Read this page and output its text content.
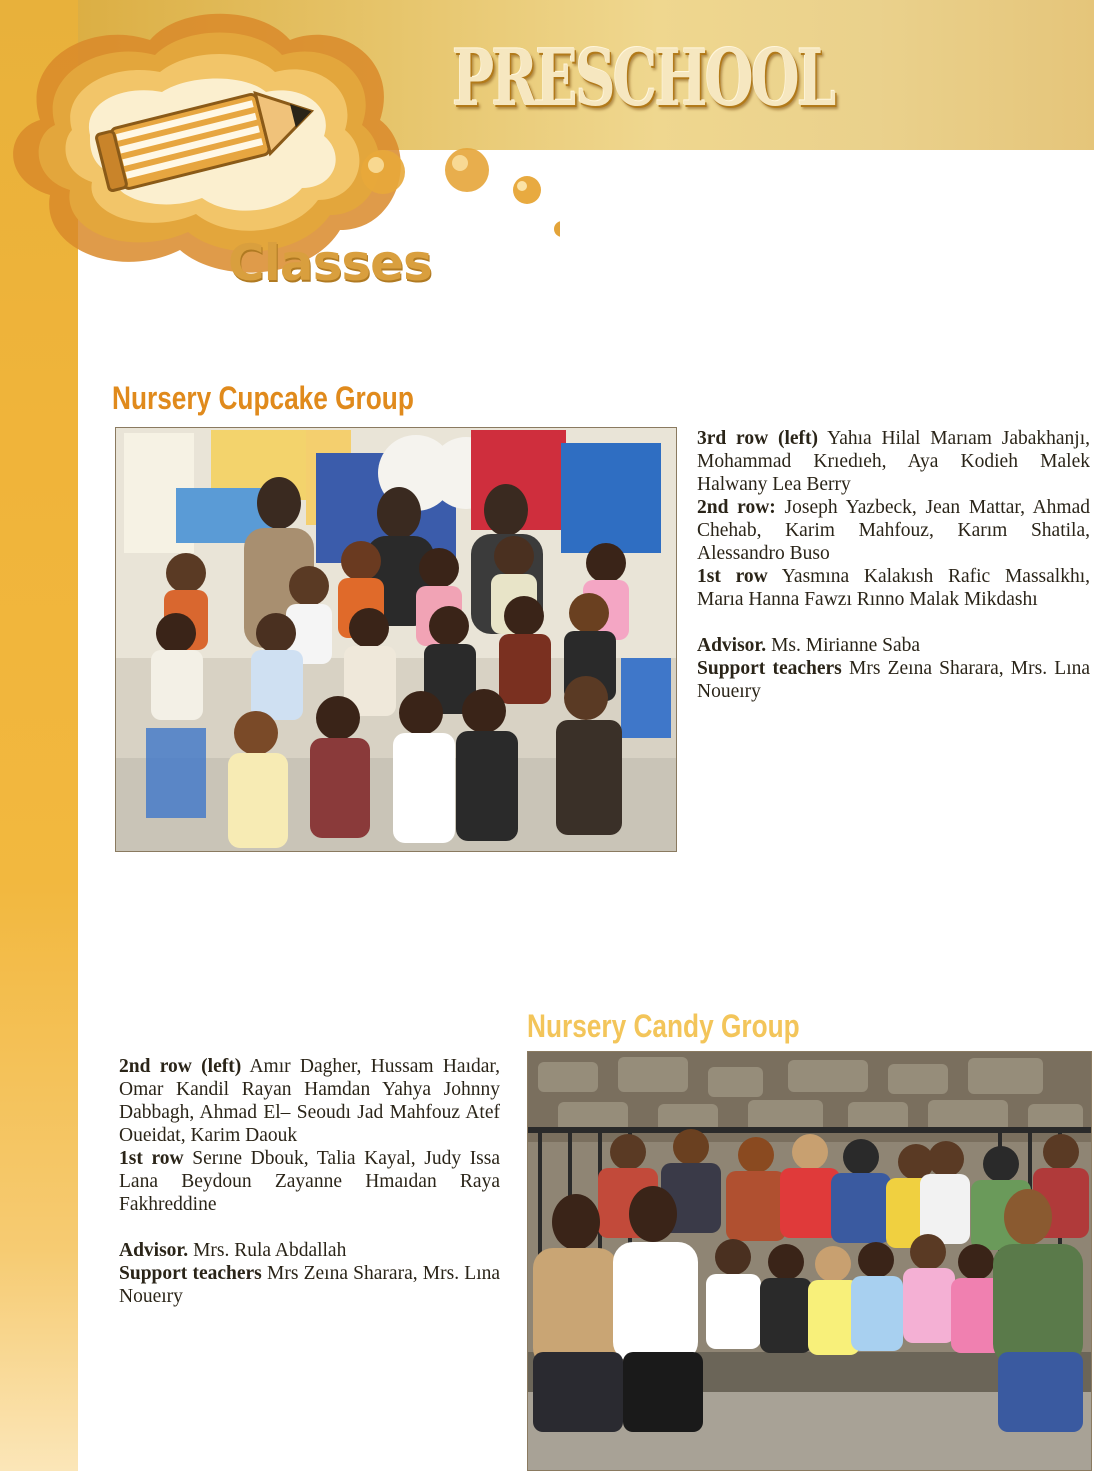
PRESCHOOL
Classes
Nursery Cupcake Group

3rd row (left) Yahıa Hilal Marıam Jabakhanjı, Mohammad Krıedıeh, Aya Kodieh Malek Halwany Lea Berry

2nd row: Joseph Yazbeck, Jean Mattar, Ahmad Chehab, Karim Mahfouz, Karım Shatila, Alessandro Buso

1st row Yasmına Kalakısh Rafic Massalkhı, Marıa Hanna Fawzı Rınno Malak Mikdashı

Advisor. Ms. Mirianne Saba

Support teachers Mrs Zeına Sharara, Mrs. Lına Noueıry

Nursery Candy Group

2nd row (left) Amır Dagher, Hussam Haıdar, Omar Kandil Rayan Hamdan Yahya Johnny Dabbagh, Ahmad El– Seoudı Jad Mahfouz Atef Oueidat, Karim Daouk

1st row Serıne Dbouk, Talia Kayal, Judy Issa Lana Beydoun Zayanne Hmaıdan Raya Fakhreddine

Advisor. Mrs. Rula Abdallah

Support teachers Mrs Zeına Sharara, Mrs. Lına Noueıry
